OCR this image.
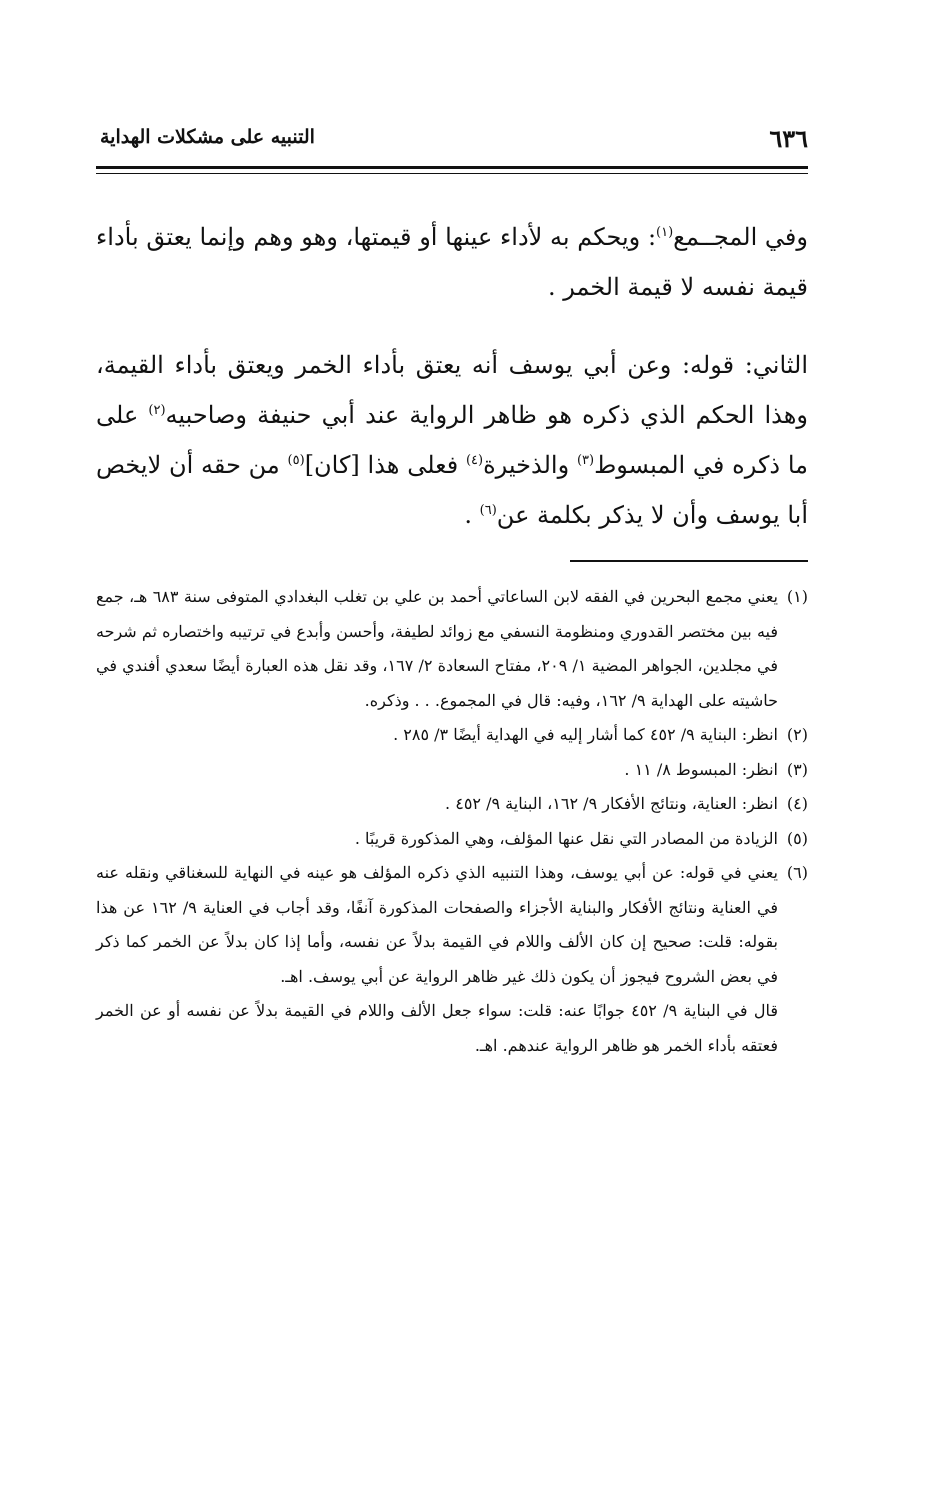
٦٣٦
التنبيه على مشكلات الهداية

وفي المجــمع$^{(١)}$: ويحكم به لأداء عينها أو قيمتها، وهو وهم وإنما يعتق بأداء قيمة نفسه لا قيمة الخمر .

الثاني: قوله: وعن أبي يوسف أنه يعتق بأداء الخمر ويعتق بأداء القيمة، وهذا الحكم الذي ذكره هو ظاهر الرواية عند أبي حنيفة وصاحبيه$^{(٢)}$ على ما ذكره في المبسوط$^{(٣)}$ والذخيرة$^{(٤)}$ فعلى هذا [كان]$^{(٥)}$ من حقه أن لايخص أبا يوسف وأن لا يذكر بكلمة عن$^{(٦)}$ .

(١)
يعني مجمع البحرين في الفقه لابن الساعاتي أحمد بن علي بن تغلب البغدادي المتوفى سنة ٦٨٣ هـ، جمع فيه بين مختصر القدوري ومنظومة النسفي مع زوائد لطيفة، وأحسن وأبدع في ترتيبه واختصاره ثم شرحه في مجلدين، الجواهر المضية ١/ ٢٠٩، مفتاح السعادة ٢/ ١٦٧، وقد نقل هذه العبارة أيضًا سعدي أفندي في حاشيته على الهداية ٩/ ١٦٢، وفيه: قال في المجموع. . . وذكره.
(٢)
انظر: البناية ٩/ ٤٥٢ كما أشار إليه في الهداية أيضًا ٣/ ٢٨٥ .
(٣)
انظر: المبسوط ٨/ ١١ .
(٤)
انظر: العناية، ونتائج الأفكار ٩/ ١٦٢، البناية ٩/ ٤٥٢ .
(٥)
الزيادة من المصادر التي نقل عنها المؤلف، وهي المذكورة قريبًا .
(٦)
يعني في قوله: عن أبي يوسف، وهذا التنبيه الذي ذكره المؤلف هو عينه في النهاية للسغناقي ونقله عنه في العناية ونتائج الأفكار والبناية الأجزاء والصفحات المذكورة آنفًا، وقد أجاب في العناية ٩/ ١٦٢ عن هذا بقوله: قلت: صحيح إن كان الألف واللام في القيمة بدلاً عن نفسه، وأما إذا كان بدلاً عن الخمر كما ذكر في بعض الشروح فيجوز أن يكون ذلك غير ظاهر الرواية عن أبي يوسف. اهـ.
قال في البناية ٩/ ٤٥٢ جوابًا عنه: قلت: سواء جعل الألف واللام في القيمة بدلاً عن نفسه أو عن الخمر فعتقه بأداء الخمر هو ظاهر الرواية عندهم. اهـ.
